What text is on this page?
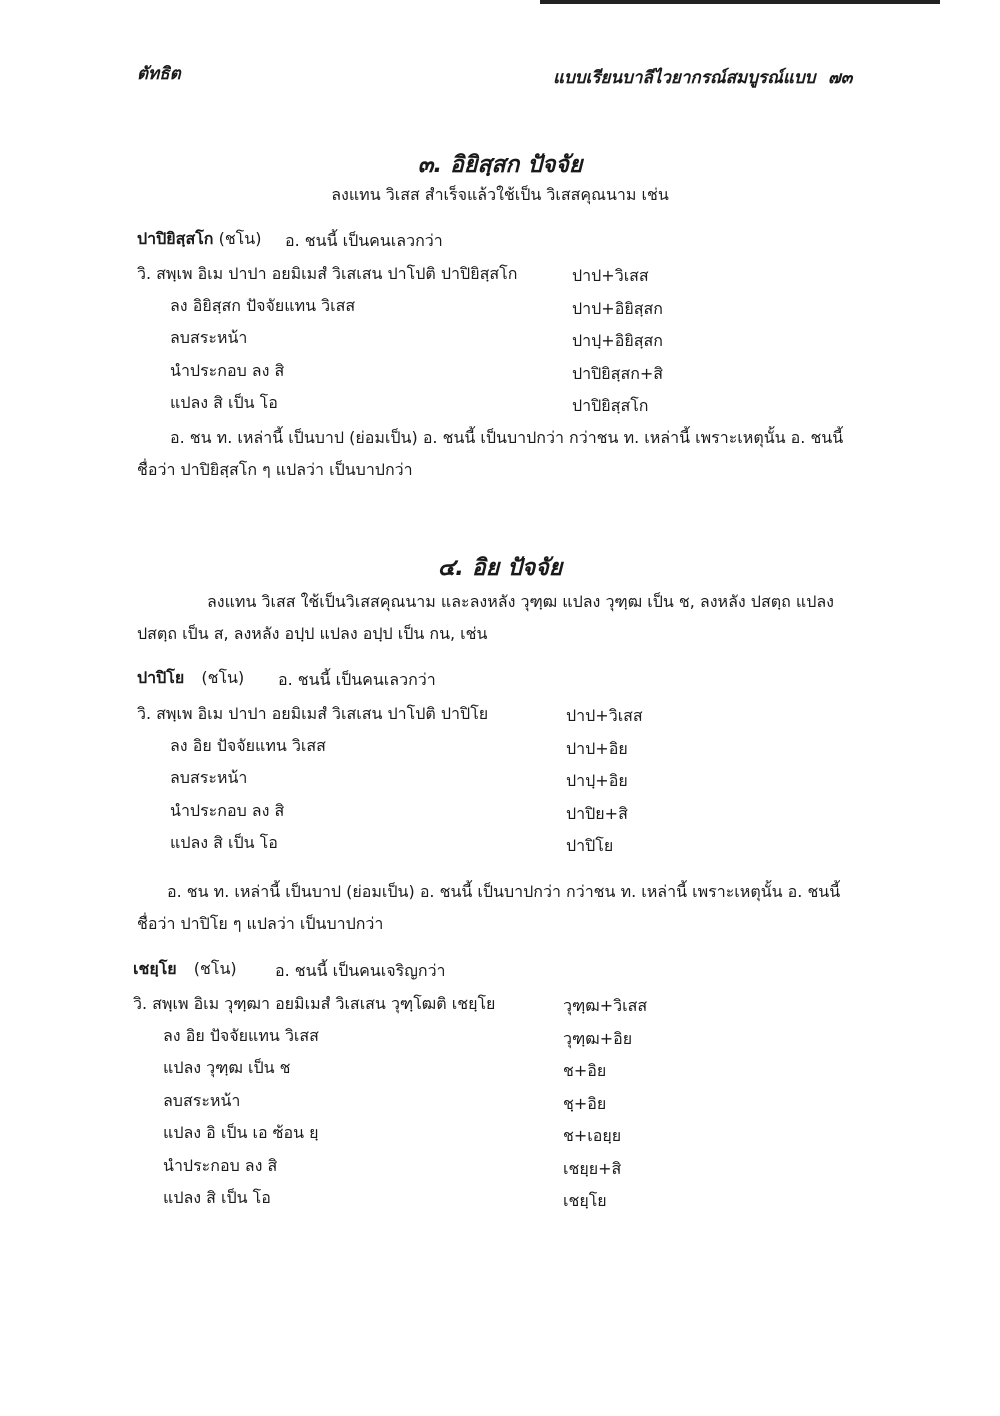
ตัทธิต	แบบเรียนบาลีไวยากรณ์สมบูรณ์แบบ ๗๓
๓. อิยิสฺสก ปัจจัย
ลงแทน วิเสส สำเร็จแล้วใช้เป็น วิเสสคุณนาม เช่น
ปาปิยิสฺสโก (ชโน) อ. ชนนี้ เป็นคนเลวกว่า
วิ. สพฺเพ อิเม ปาปา อยมิเมสํ วิเสเสน ปาโปติ ปาปิยิสฺสโก	ปาป+วิเสส
ลง อิยิสฺสก ปัจจัยแทน วิเสส	ปาป+อิยิสฺสก
ลบสระหน้า	ปาปฺ+อิยิสฺสก
นำประกอบ ลง สิ	ปาปิยิสฺสก+สิ
แปลง สิ เป็น โอ	ปาปิยิสฺสโก
อ. ชน ท. เหล่านี้ เป็นบาป (ย่อมเป็น) อ. ชนนี้ เป็นบาปกว่า กว่าชน ท. เหล่านี้ เพราะเหตุนั้น อ. ชนนี้ ชื่อว่า ปาปิยิสฺสโก ๆ แปลว่า เป็นบาปกว่า
๔. อิย ปัจจัย
ลงแทน วิเสส ใช้เป็นวิเสสคุณนาม และลงหลัง วุฑฺฒ แปลง วุฑฺฒ เป็น ช, ลงหลัง ปสตฺถ แปลง ปสตฺถ เป็น ส, ลงหลัง อปฺป แปลง อปฺป เป็น กน, เช่น
ปาปิโย (ชโน) อ. ชนนี้ เป็นคนเลวกว่า
วิ. สพฺเพ อิเม ปาปา อยมิเมสํ วิเสเสน ปาโปติ ปาปิโย	ปาป+วิเสส
ลง อิย ปัจจัยแทน วิเสส	ปาป+อิย
ลบสระหน้า	ปาปฺ+อิย
นำประกอบ ลง สิ	ปาปิย+สิ
แปลง สิ เป็น โอ	ปาปิโย
อ. ชน ท. เหล่านี้ เป็นบาป (ย่อมเป็น) อ. ชนนี้ เป็นบาปกว่า กว่าชน ท. เหล่านี้ เพราะเหตุนั้น อ. ชนนี้ ชื่อว่า ปาปิโย ๆ แปลว่า เป็นบาปกว่า
เชยฺโย (ชโน) อ. ชนนี้ เป็นคนเจริญกว่า
วิ. สพฺเพ อิเม วุฑฺฒา อยมิเมสํ วิเสเสน วุฑฺโฒติ เชยฺโย	วุฑฺฒ+วิเสส
ลง อิย ปัจจัยแทน วิเสส	วุฑฺฒ+อิย
แปลง วุฑฺฒ เป็น ช	ช+อิย
ลบสระหน้า	ชฺ+อิย
แปลง อิ เป็น เอ ซ้อน ยฺ	ช+เอยฺย
นำประกอบ ลง สิ	เชยฺย+สิ
แปลง สิ เป็น โอ	เชยฺโย
